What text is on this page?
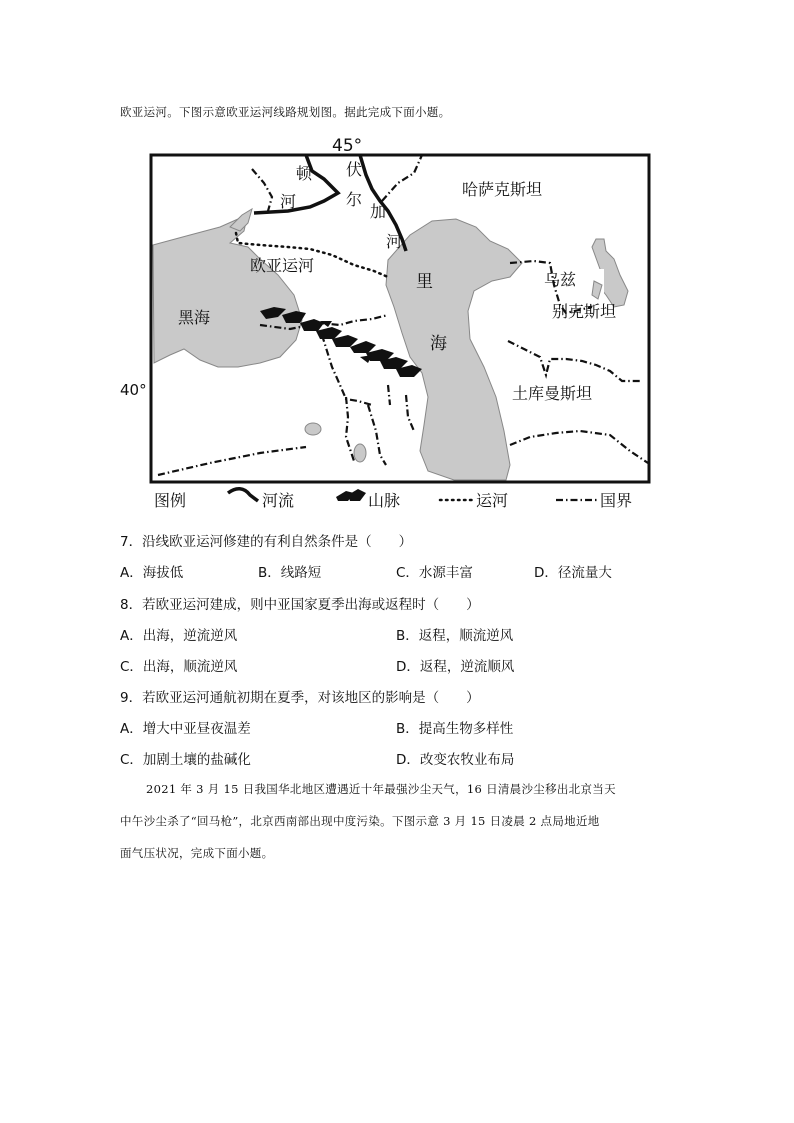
欧亚运河。下图示意欧亚运河线路规划图。据此完成下面小题。
45°
40°
顿
河
伏
尔
加
河
哈萨克斯坦
欧亚运河
黑海
里
海
乌兹
别克斯坦
土库曼斯坦
图例	河流	山脉	运河	国界
7．沿线欧亚运河修建的有利自然条件是（　　）
A．海拔低	B．线路短	C．水源丰富	D．径流量大
8．若欧亚运河建成，则中亚国家夏季出海或返程时（　　）
A．出海，逆流逆风	B．返程，顺流逆风
C．出海，顺流逆风	D．返程，逆流顺风
9．若欧亚运河通航初期在夏季，对该地区的影响是（　　）
A．增大中亚昼夜温差	B．提高生物多样性
C．加剧土壤的盐碱化	D．改变农牧业布局
2021 年 3 月 15 日我国华北地区遭遇近十年最强沙尘天气，16 日清晨沙尘移出北京当天
中午沙尘杀了“回马枪”，北京西南部出现中度污染。下图示意 3 月 15 日凌晨 2 点局地近地
面气压状况，完成下面小题。
